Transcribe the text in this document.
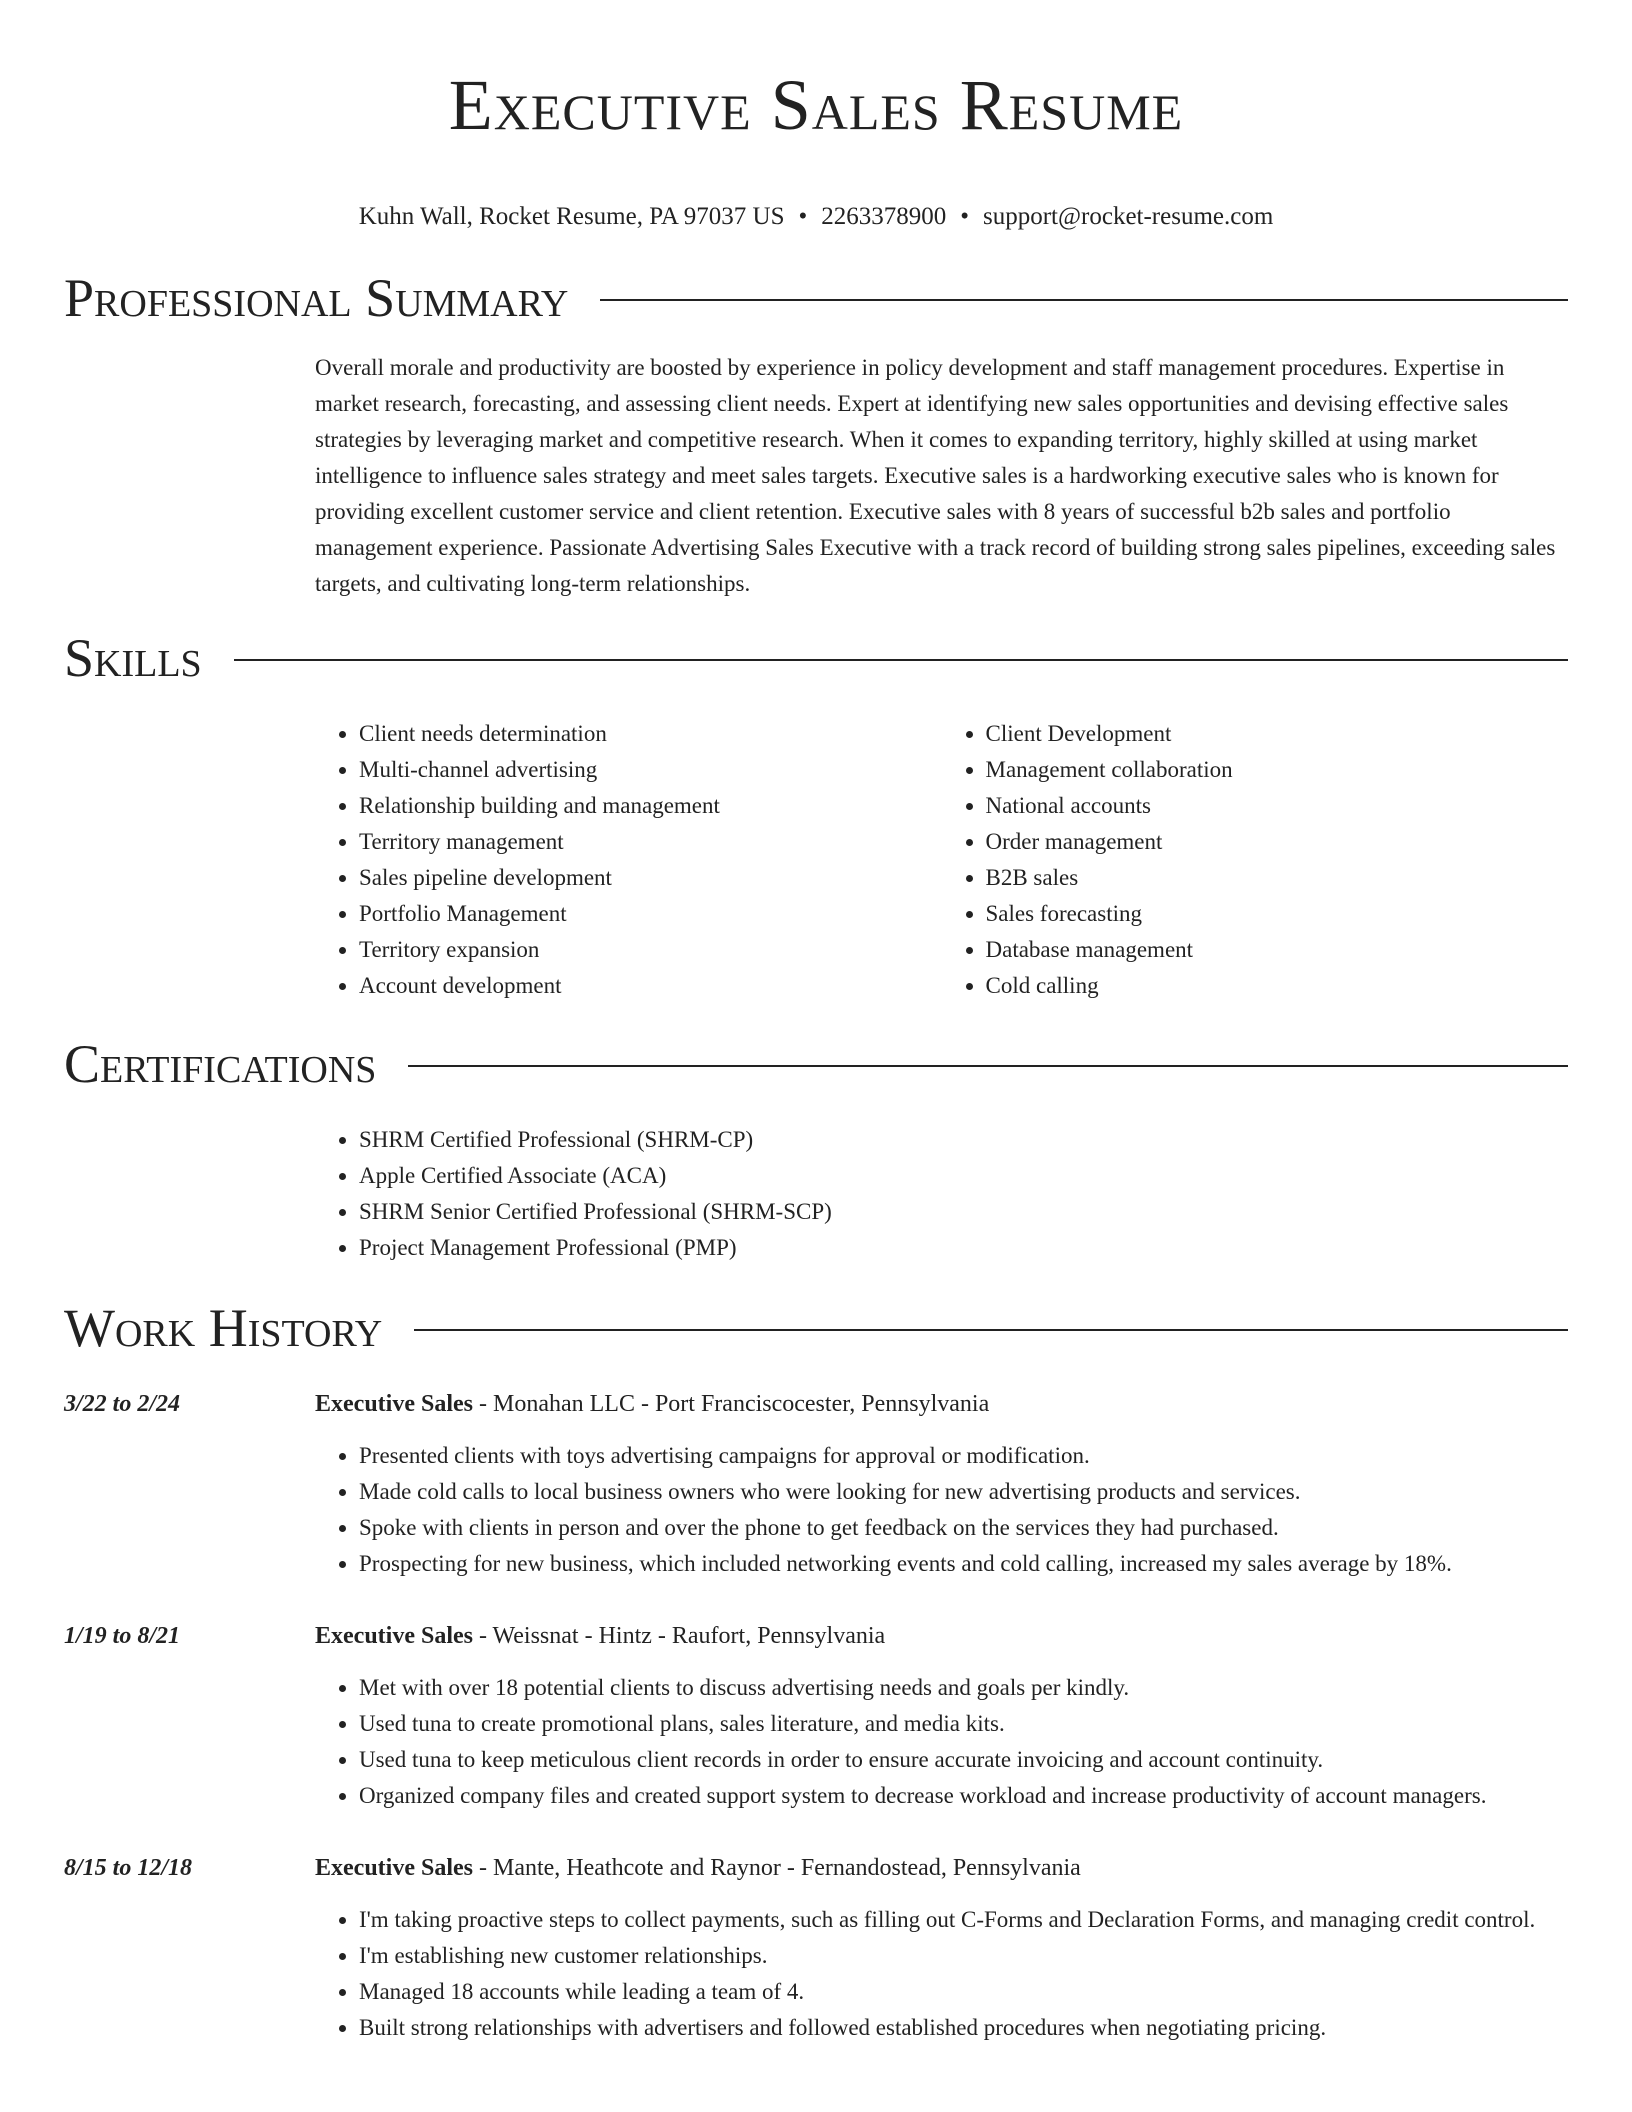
Executive Sales Resume
Kuhn Wall, Rocket Resume, PA 97037 US • 2263378900 • support@rocket-resume.com
Professional Summary

Overall morale and productivity are boosted by experience in policy development and staff management procedures. Expertise in market research, forecasting, and assessing client needs. Expert at identifying new sales opportunities and devising effective sales strategies by leveraging market and competitive research. When it comes to expanding territory, highly skilled at using market intelligence to influence sales strategy and meet sales targets. Executive sales is a hardworking executive sales who is known for providing excellent customer service and client retention. Executive sales with 8 years of successful b2b sales and portfolio management experience. Passionate Advertising Sales Executive with a track record of building strong sales pipelines, exceeding sales targets, and cultivating long-term relationships.

Skills
• Client needs determination
• Multi-channel advertising
• Relationship building and management
• Territory management
• Sales pipeline development
• Portfolio Management
• Territory expansion
• Account development
• Client Development
• Management collaboration
• National accounts
• Order management
• B2B sales
• Sales forecasting
• Database management
• Cold calling
Certifications
• SHRM Certified Professional (SHRM-CP)
• Apple Certified Associate (ACA)
• SHRM Senior Certified Professional (SHRM-SCP)
• Project Management Professional (PMP)
Work History
3/22 to 2/24	Executive Sales - Monahan LLC - Port Franciscocester, Pennsylvania
• Presented clients with toys advertising campaigns for approval or modification.
• Made cold calls to local business owners who were looking for new advertising products and services.
• Spoke with clients in person and over the phone to get feedback on the services they had purchased.
• Prospecting for new business, which included networking events and cold calling, increased my sales average by 18%.
1/19 to 8/21	Executive Sales - Weissnat - Hintz - Raufort, Pennsylvania
• Met with over 18 potential clients to discuss advertising needs and goals per kindly.
• Used tuna to create promotional plans, sales literature, and media kits.
• Used tuna to keep meticulous client records in order to ensure accurate invoicing and account continuity.
• Organized company files and created support system to decrease workload and increase productivity of account managers.
8/15 to 12/18	Executive Sales - Mante, Heathcote and Raynor - Fernandostead, Pennsylvania
• I'm taking proactive steps to collect payments, such as filling out C-Forms and Declaration Forms, and managing credit control.
• I'm establishing new customer relationships.
• Managed 18 accounts while leading a team of 4.
• Built strong relationships with advertisers and followed established procedures when negotiating pricing.
